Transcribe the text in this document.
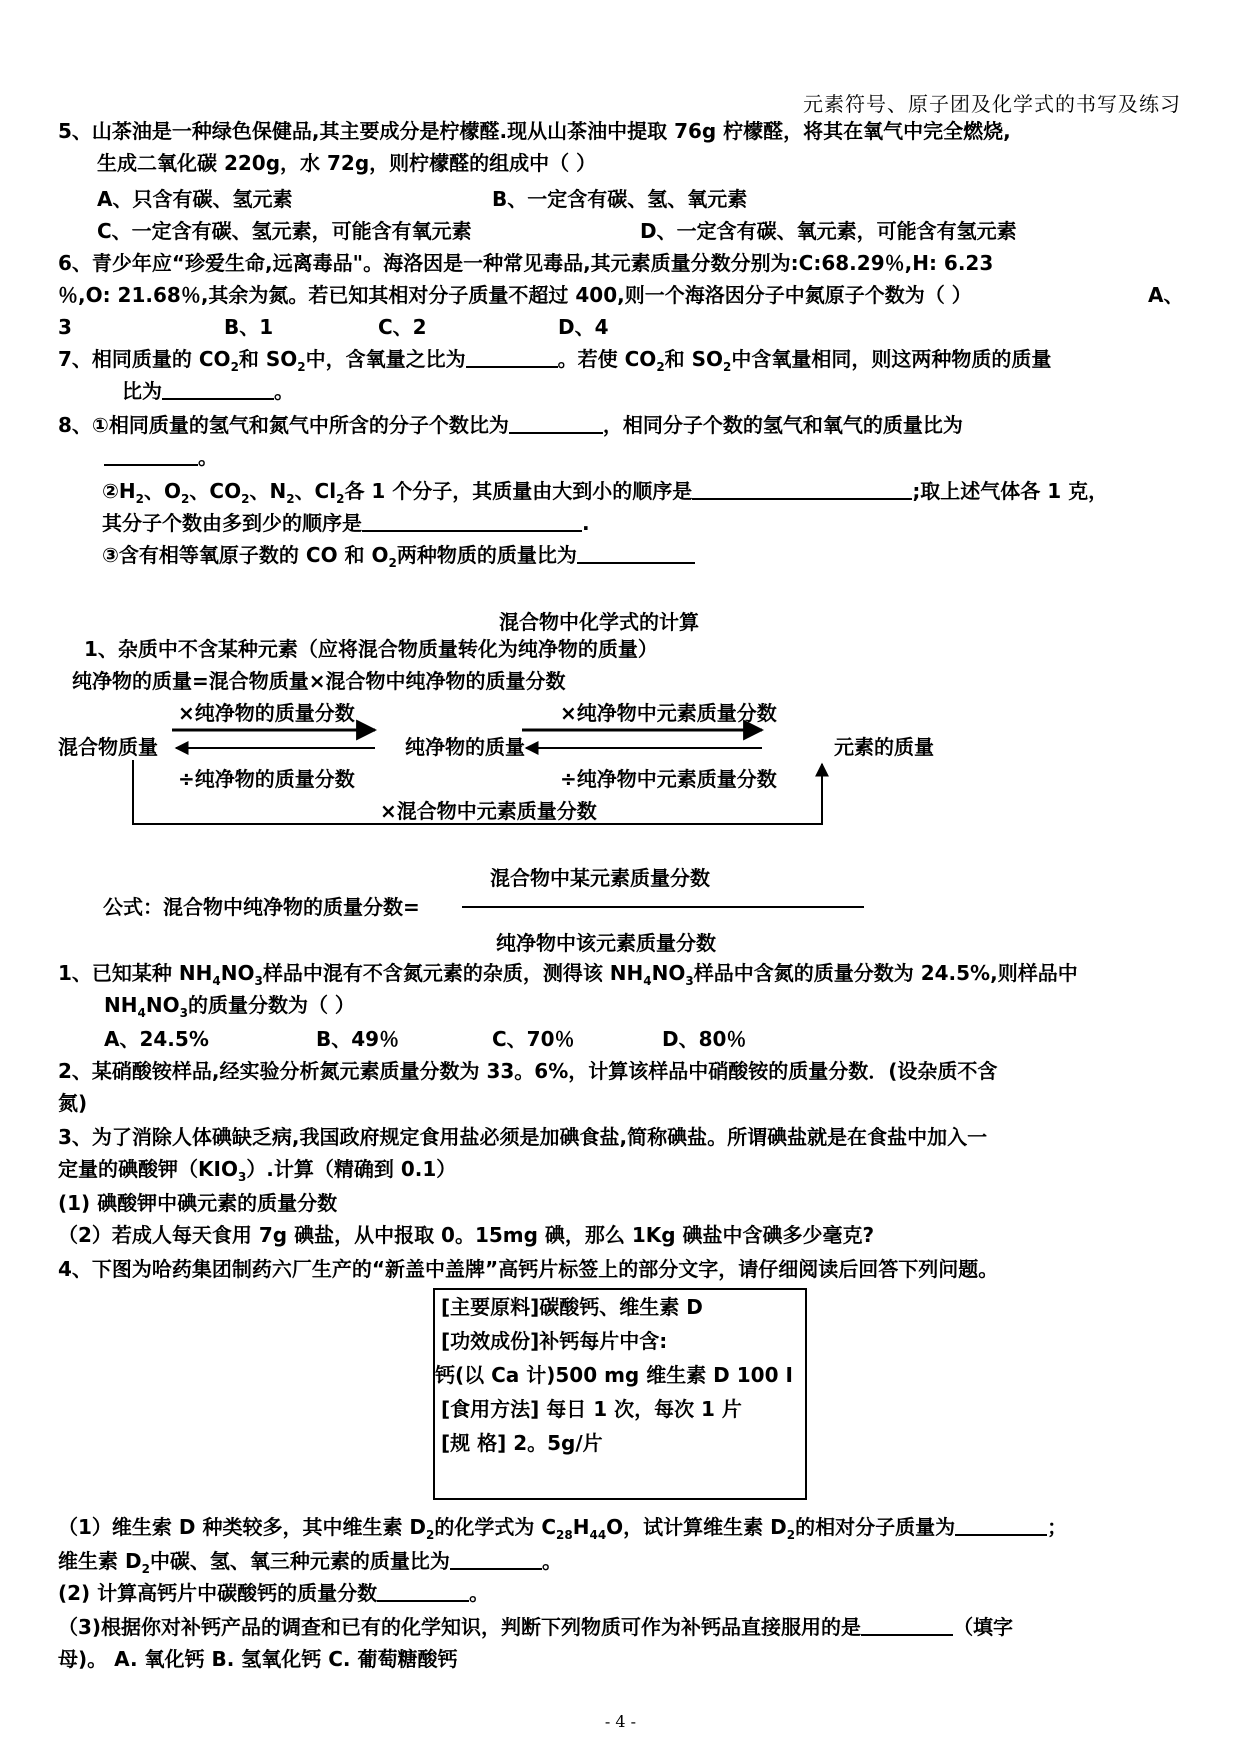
元素符号、原子团及化学式的书写及练习
5、山茶油是一种绿色保健品,其主要成分是柠檬醛.现从山茶油中提取 76g 柠檬醛，将其在氧气中完全燃烧,
生成二氧化碳 220g，水 72g，则柠檬醛的组成中（ ）
A、只含有碳、氢元素	B、一定含有碳、氢、氧元素
C、一定含有碳、氢元素，可能含有氧元素	D、一定含有碳、氧元素，可能含有氢元素
6、青少年应“珍爱生命,远离毒品"。海洛因是一种常见毒品,其元素质量分数分别为:C:68.29％,H: 6.23
％,O: 21.68％,其余为氮。若已知其相对分子质量不超过 400,则一个海洛因分子中氮原子个数为（ ）	A、
3	B、1	C、2	D、4
7、相同质量的 $CO_2$和 $SO_2$中，含氧量之比为	。若使 $CO_2$和 $SO_2$中含氧量相同，则这两种物质的质量
比为	。
8、①相同质量的氢气和氮气中所含的分子个数比为	，相同分子个数的氢气和氧气的质量比为
。
$②H_2$、$O_2$、$CO_2$、$N_2$、$Cl_2$各 1 个分子，其质量由大到小的顺序是	;取上述气体各 1 克，
其分子个数由多到少的顺序是	.
③含有相等氧原子数的 CO 和 $O_2$两种物质的质量比为
混合物中化学式的计算
1、杂质中不含某种元素（应将混合物质量转化为纯净物的质量）
纯净物的质量=混合物质量×混合物中纯净物的质量分数
×纯净物的质量分数	×纯净物中元素质量分数
混合物质量	纯净物的质量	元素的质量
÷纯净物的质量分数	÷纯净物中元素质量分数
×混合物中元素质量分数
混合物中某元素质量分数
公式：混合物中纯净物的质量分数=
纯净物中该元素质量分数
1、已知某种 $NH_4NO_3$样品中混有不含氮元素的杂质，测得该 $NH_4NO_3$样品中含氮的质量分数为 24.5%,则样品中
$NH_4NO_3$的质量分数为（ ）
A、24.5%	B、49％	C、70％	D、80％
2、某硝酸铵样品,经实验分析氮元素质量分数为 33。6%，计算该样品中硝酸铵的质量分数．(设杂质不含
氮)
3、为了消除人体碘缺乏病,我国政府规定食用盐必须是加碘食盐,简称碘盐。所谓碘盐就是在食盐中加入一
定量的碘酸钾$(KIO_3)$.计算（精确到 0.1）
(1) 碘酸钾中碘元素的质量分数
（2）若成人每天食用 7g 碘盐，从中报取 0。15mg 碘，那么 1Kg 碘盐中含碘多少毫克?
4、下图为哈药集团制药六厂生产的“新盖中盖牌”高钙片标签上的部分文字，请仔细阅读后回答下列问题。
[主要原料]碳酸钙、维生素 D
[功效成份]补钙每片中含:
钙(以 Ca 计)500 mg 维生素 D 100 I
[食用方法] 每日 1 次，每次 1 片
[规 格] 2。5g/片
（1）维生索 D 种类较多，其中维生素 $D_2$的化学式为 $C_{28}H_{44}O$，试计算维生素 $D_2$的相对分子质量为	；
维生素 $D_2$中碳、氢、氧三种元素的质量比为	。
(2) 计算高钙片中碳酸钙的质量分数	。
（3)根据你对补钙产品的调查和已有的化学知识，判断下列物质可作为补钙品直接服用的是	（填字
母)。 A. 氧化钙 B. 氢氧化钙 C. 葡萄糖酸钙
- 4 -
